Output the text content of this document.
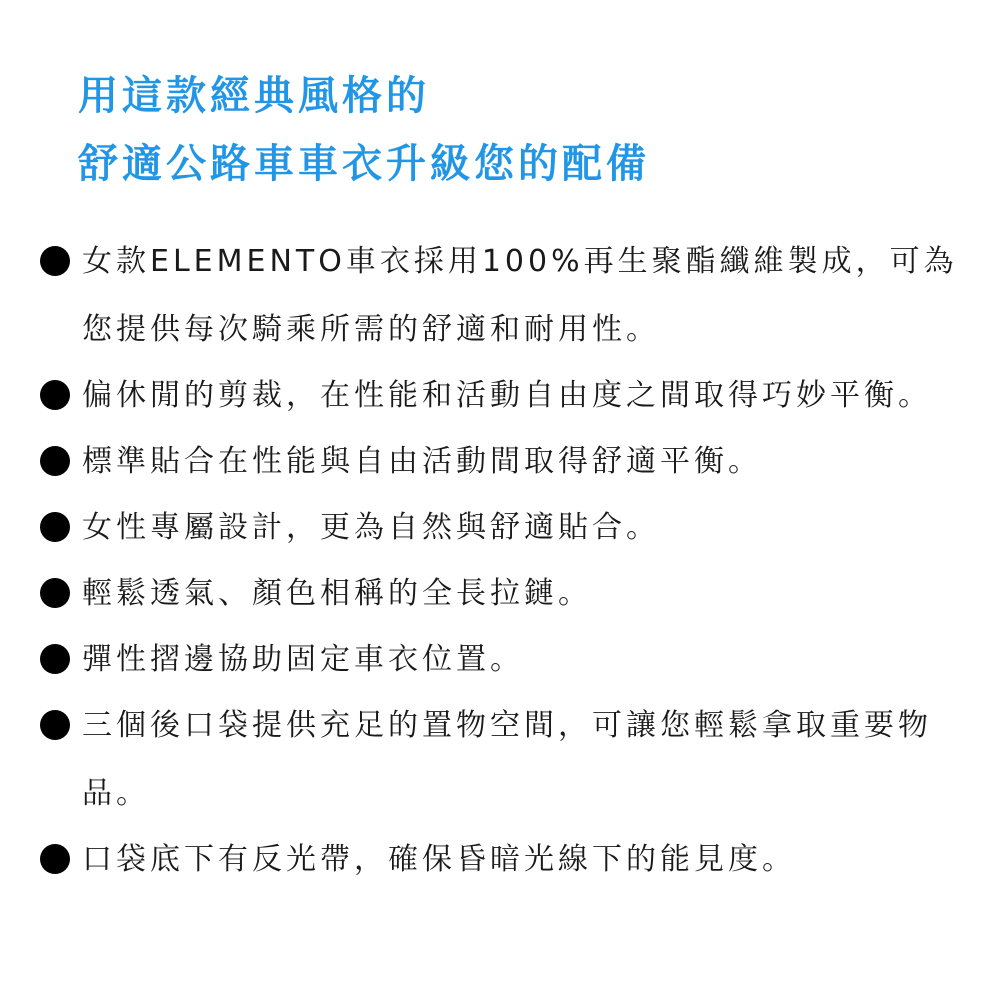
用這款經典風格的
舒適公路車車衣升級您的配備
女款ELEMENTO車衣採用100%再生聚酯纖維製成，可為您提供每次騎乘所需的舒適和耐用性。
偏休閒的剪裁，在性能和活動自由度之間取得巧妙平衡。
標準貼合在性能與自由活動間取得舒適平衡。
女性專屬設計，更為自然與舒適貼合。
輕鬆透氣、顏色相稱的全長拉鏈。
彈性摺邊協助固定車衣位置。
三個後口袋提供充足的置物空間，可讓您輕鬆拿取重要物品。
口袋底下有反光帶，確保昏暗光線下的能見度。
